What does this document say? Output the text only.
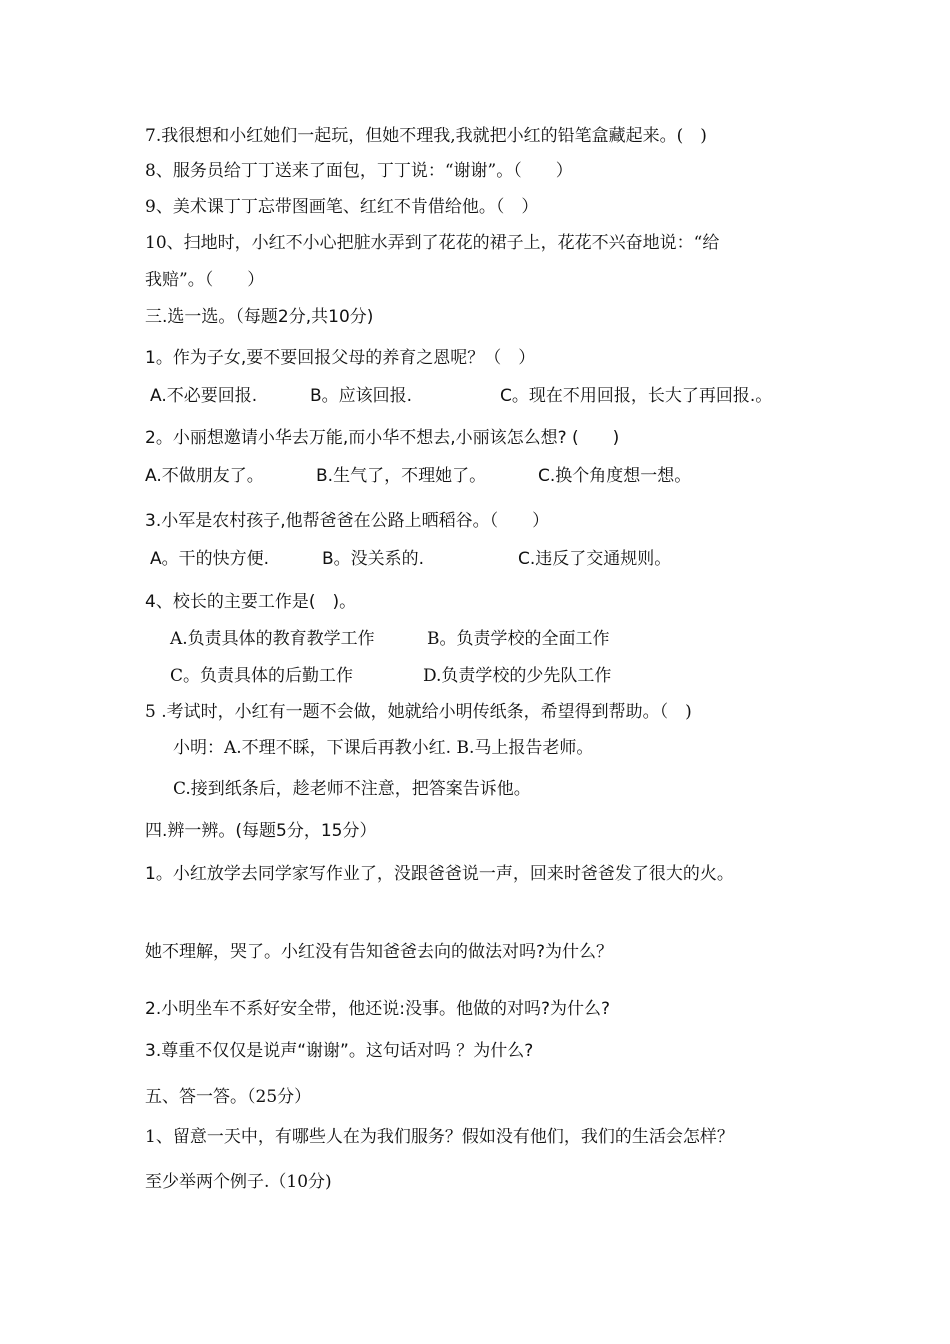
7.我很想和小红她们一起玩，但她不理我,我就把小红的铅笔盒藏起来。(　)

8、服务员给丁丁送来了面包，丁丁说：“谢谢”。（　　）

9、美术课丁丁忘带图画笔、红红不肯借给他。（　）

10、扫地时，小红不小心把脏水弄到了花花的裙子上，花花不兴奋地说：“给

我赔”。（　　）

三.选一选。（每题2分,共10分)

1。作为子女,要不要回报父母的养育之恩呢？（　）

A.不必要回报.	B。应该回报.	C。现在不用回报，长大了再回报.。

2。小丽想邀请小华去万能,而小华不想去,小丽该怎么想? (　　)

A.不做朋友了。	B.生气了，不理她了。	C.换个角度想一想。

3.小军是农村孩子,他帮爸爸在公路上晒稻谷。（　　）

A。干的快方便.	B。没关系的.	C.违反了交通规则。

4、校长的主要工作是(　)。

A.负责具体的教育教学工作	B。负责学校的全面工作

C。负责具体的后勤工作	D.负责学校的少先队工作

5 .考试时，小红有一题不会做，她就给小明传纸条，希望得到帮助。（　)

小明：A.不理不睬，下课后再教小红. B.马上报告老师。

C.接到纸条后，趁老师不注意，把答案告诉他。

四.辨一辨。(每题5分，15分）

1。小红放学去同学家写作业了，没跟爸爸说一声，回来时爸爸发了很大的火。

她不理解，哭了。小红没有告知爸爸去向的做法对吗?为什么？

2.小明坐车不系好安全带，他还说:没事。他做的对吗?为什么?

3.尊重不仅仅是说声“谢谢”。这句话对吗 ？为什么?

五、答一答。（25分）

1、留意一天中，有哪些人在为我们服务？假如没有他们，我们的生活会怎样？

至少举两个例子.（10分)
